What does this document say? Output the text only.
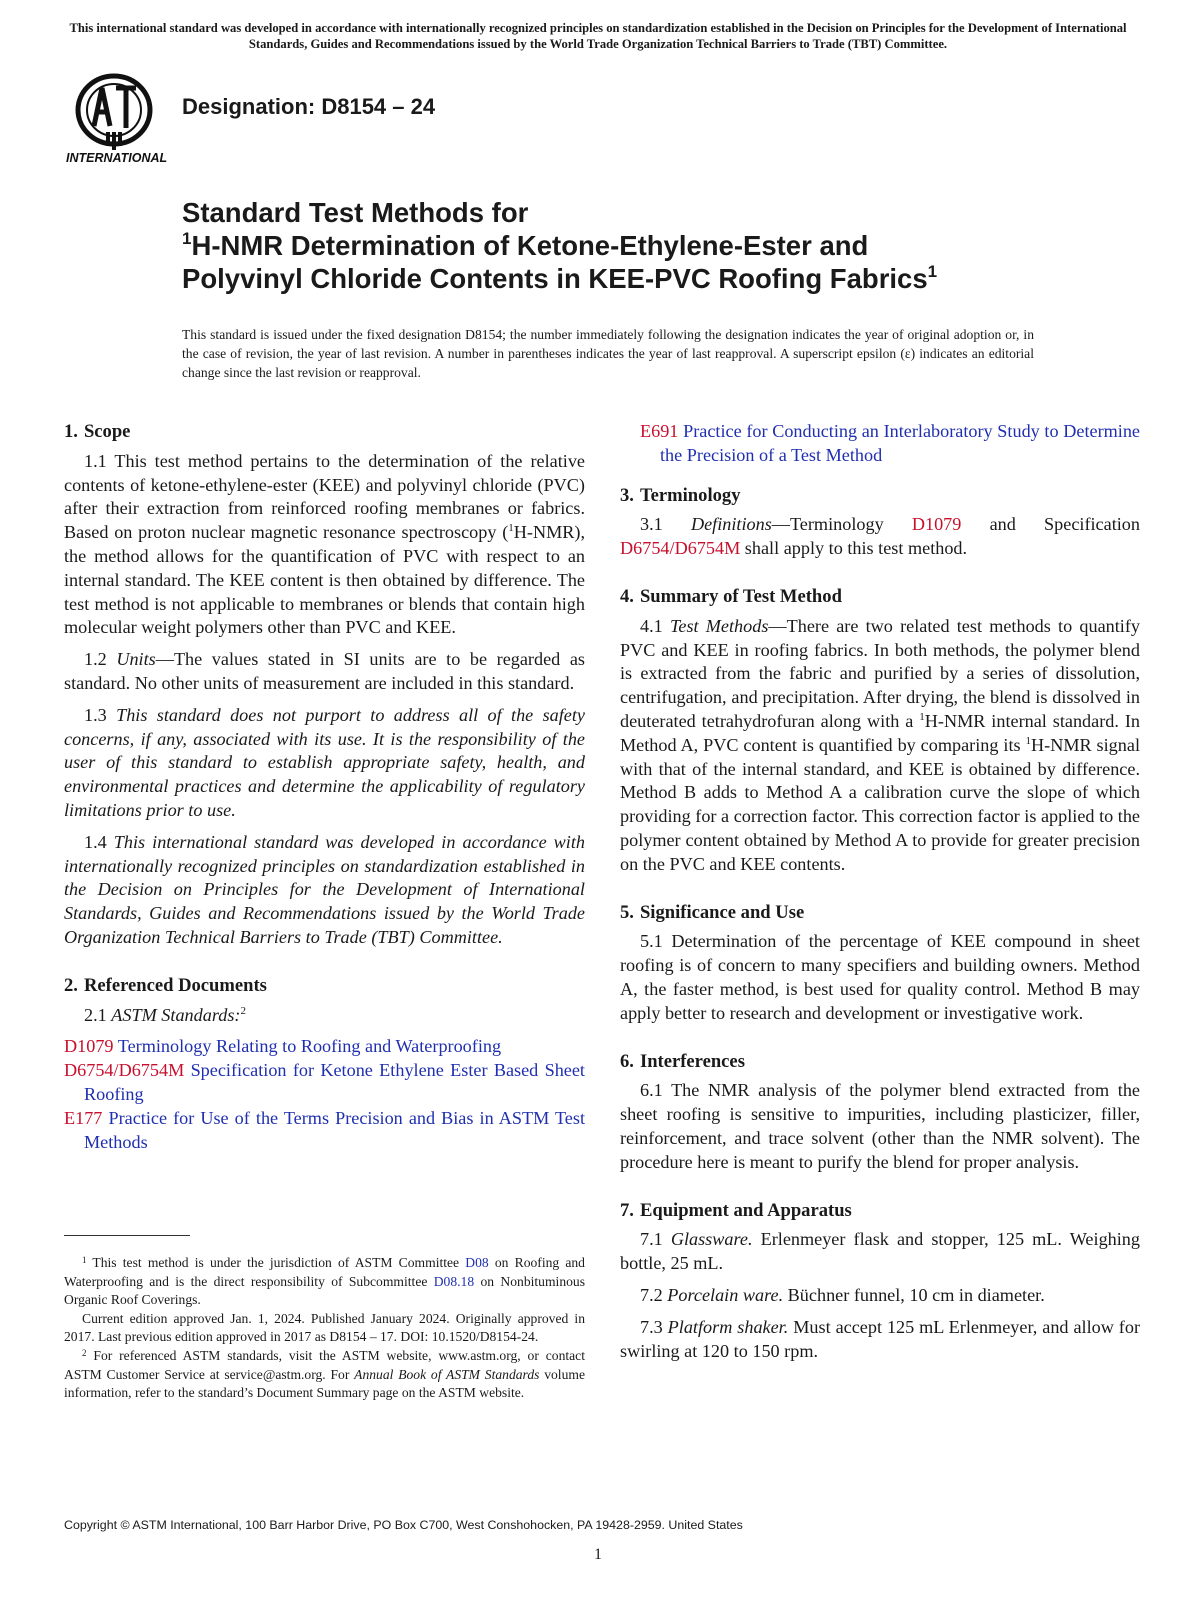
This international standard was developed in accordance with internationally recognized principles on standardization established in the Decision on Principles for the Development of International Standards, Guides and Recommendations issued by the World Trade Organization Technical Barriers to Trade (TBT) Committee.
INTERNATIONAL
Designation: D8154 – 24
Standard Test Methods for
$^1$H-NMR Determination of Ketone-Ethylene-Ester and
Polyvinyl Chloride Contents in KEE-PVC Roofing Fabrics$^1$
This standard is issued under the fixed designation D8154; the number immediately following the designation indicates the year of original adoption or, in the case of revision, the year of last revision. A number in parentheses indicates the year of last reapproval. A superscript epsilon (ε) indicates an editorial change since the last revision or reapproval.
1. Scope

1.1 This test method pertains to the determination of the relative contents of ketone-ethylene-ester (KEE) and polyvinyl chloride (PVC) after their extraction from reinforced roofing membranes or fabrics. Based on proton nuclear magnetic resonance spectroscopy ($^1$H-NMR), the method allows for the quantification of PVC with respect to an internal standard. The KEE content is then obtained by difference. The test method is not applicable to membranes or blends that contain high molecular weight polymers other than PVC and KEE.

1.2 Units—The values stated in SI units are to be regarded as standard. No other units of measurement are included in this standard.

1.3 This standard does not purport to address all of the safety concerns, if any, associated with its use. It is the responsibility of the user of this standard to establish appropriate safety, health, and environmental practices and determine the applicability of regulatory limitations prior to use.

1.4 This international standard was developed in accordance with internationally recognized principles on standardization established in the Decision on Principles for the Development of International Standards, Guides and Recommendations issued by the World Trade Organization Technical Barriers to Trade (TBT) Committee.

2. Referenced Documents

2.1 ASTM Standards:$^2$

D1079 Terminology Relating to Roofing and Waterproofing
D6754/D6754M Specification for Ketone Ethylene Ester Based Sheet Roofing
E177 Practice for Use of the Terms Precision and Bias in ASTM Test Methods
E691 Practice for Conducting an Interlaboratory Study to Determine the Precision of a Test Method
3. Terminology

3.1 Definitions—Terminology D1079 and Specification D6754/D6754M shall apply to this test method.

4. Summary of Test Method

4.1 Test Methods—There are two related test methods to quantify PVC and KEE in roofing fabrics. In both methods, the polymer blend is extracted from the fabric and purified by a series of dissolution, centrifugation, and precipitation. After drying, the blend is dissolved in deuterated tetrahydrofuran along with a $^1$H-NMR internal standard. In Method A, PVC content is quantified by comparing its $^1$H-NMR signal with that of the internal standard, and KEE is obtained by difference. Method B adds to Method A a calibration curve the slope of which providing for a correction factor. This correction factor is applied to the polymer content obtained by Method A to provide for greater precision on the PVC and KEE contents.

5. Significance and Use

5.1 Determination of the percentage of KEE compound in sheet roofing is of concern to many specifiers and building owners. Method A, the faster method, is best used for quality control. Method B may apply better to research and development or investigative work.

6. Interferences

6.1 The NMR analysis of the polymer blend extracted from the sheet roofing is sensitive to impurities, including plasticizer, filler, reinforcement, and trace solvent (other than the NMR solvent). The procedure here is meant to purify the blend for proper analysis.

7. Equipment and Apparatus

7.1 Glassware. Erlenmeyer flask and stopper, 125 mL. Weighing bottle, 25 mL.

7.2 Porcelain ware. Büchner funnel, 10 cm in diameter.

7.3 Platform shaker. Must accept 125 mL Erlenmeyer, and allow for swirling at 120 to 150 rpm.

$^1$ This test method is under the jurisdiction of ASTM Committee D08 on Roofing and Waterproofing and is the direct responsibility of Subcommittee D08.18 on Nonbituminous Organic Roof Coverings.

Current edition approved Jan. 1, 2024. Published January 2024. Originally approved in 2017. Last previous edition approved in 2017 as D8154 – 17. DOI: 10.1520/D8154-24.

$^2$ For referenced ASTM standards, visit the ASTM website, www.astm.org, or contact ASTM Customer Service at service@astm.org. For Annual Book of ASTM Standards volume information, refer to the standard’s Document Summary page on the ASTM website.

Copyright © ASTM International, 100 Barr Harbor Drive, PO Box C700, West Conshohocken, PA 19428-2959. United States
1
